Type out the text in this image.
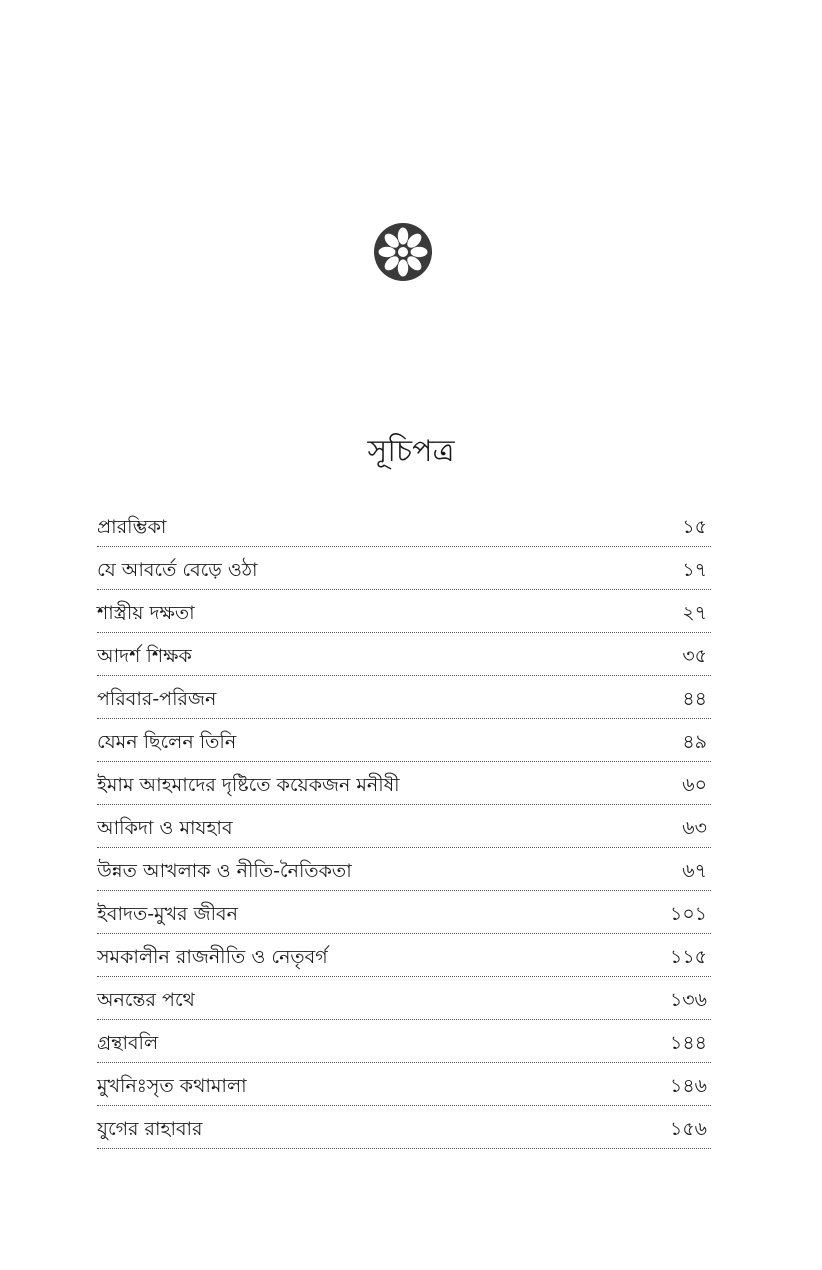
সূচিপত্র
প্রারম্ভিকা	১৫
যে আবর্তে বেড়ে ওঠা	১৭
শাস্ত্রীয় দক্ষতা	২৭
আদর্শ শিক্ষক	৩৫
পরিবার-পরিজন	৪৪
যেমন ছিলেন তিনি	৪৯
ইমাম আহমাদের দৃষ্টিতে কয়েকজন মনীষী	৬০
আকিদা ও মাযহাব	৬৩
উন্নত আখলাক ও নীতি-নৈতিকতা	৬৭
ইবাদত-মুখর জীবন	১০১
সমকালীন রাজনীতি ও নেতৃবর্গ	১১৫
অনন্তের পথে	১৩৬
গ্রন্থাবলি	১৪৪
মুখনিঃসৃত কথামালা	১৪৬
যুগের রাহাবার	১৫৬
